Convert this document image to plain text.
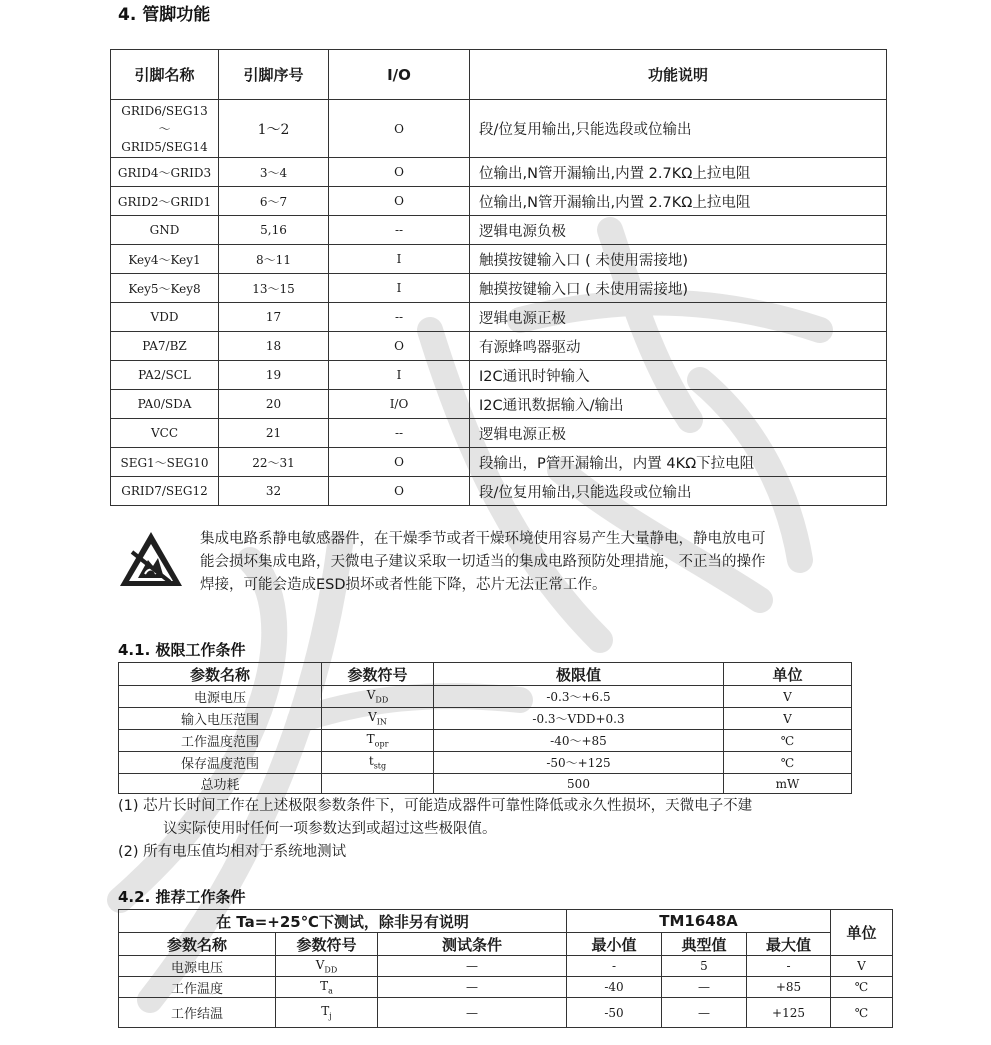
4. 管脚功能
引脚名称	引脚序号	I/O	功能说明

GRID6/SEG13
～
GRID5/SEG14	1～2	O	段/位复用输出,只能选段或位输出
GRID4～GRID3	3～4	O	位输出,N管开漏输出,内置 2.7KΩ上拉电阻
GRID2～GRID1	6～7	O	位输出,N管开漏输出,内置 2.7KΩ上拉电阻
GND	5,16	--	逻辑电源负极
Key4～Key1	8～11	I	触摸按键输入口 ( 未使用需接地)
Key5～Key8	13～15	I	触摸按键输入口 ( 未使用需接地)
VDD	17	--	逻辑电源正极
PA7/BZ	18	O	有源蜂鸣器驱动
PA2/SCL	19	I	I2C通讯时钟输入
PA0/SDA	20	I/O	I2C通讯数据输入/输出
VCC	21	--	逻辑电源正极
SEG1～SEG10	22～31	O	段输出，P管开漏输出，内置 4KΩ下拉电阻
GRID7/SEG12	32	O	段/位复用输出,只能选段或位输出
集成电路系静电敏感器件，在干燥季节或者干燥环境使用容易产生大量静电，静电放电可
能会损坏集成电路，天微电子建议采取一切适当的集成电路预防处理措施，不正当的操作
焊接，可能会造成ESD损坏或者性能下降，芯片无法正常工作。
4.1. 极限工作条件
参数名称	参数符号	极限值	单位
电源电压	$V_{DD}$	-0.3～+6.5	V
输入电压范围	$V_{IN}$	-0.3～VDD+0.3	V
工作温度范围	$T_{opr}$	-40～+85	℃
保存温度范围	$t_{stg}$	-50～+125	℃
总功耗		500	mW
(1) 芯片长时间工作在上述极限参数条件下，可能造成器件可靠性降低或永久性损坏，天微电子不建
议实际使用时任何一项参数达到或超过这些极限值。
(2) 所有电压值均相对于系统地测试
4.2. 推荐工作条件
在 Ta=+25℃下测试，除非另有说明			TM1648A			单位
参数名称	参数符号	测试条件	最小值	典型值	最大值	
电源电压	$V_{DD}$	—	-	5	-	V
工作温度	$T_a$	—	-40	—	+85	℃
工作结温	$T_j$	—	-50	—	+125	℃
